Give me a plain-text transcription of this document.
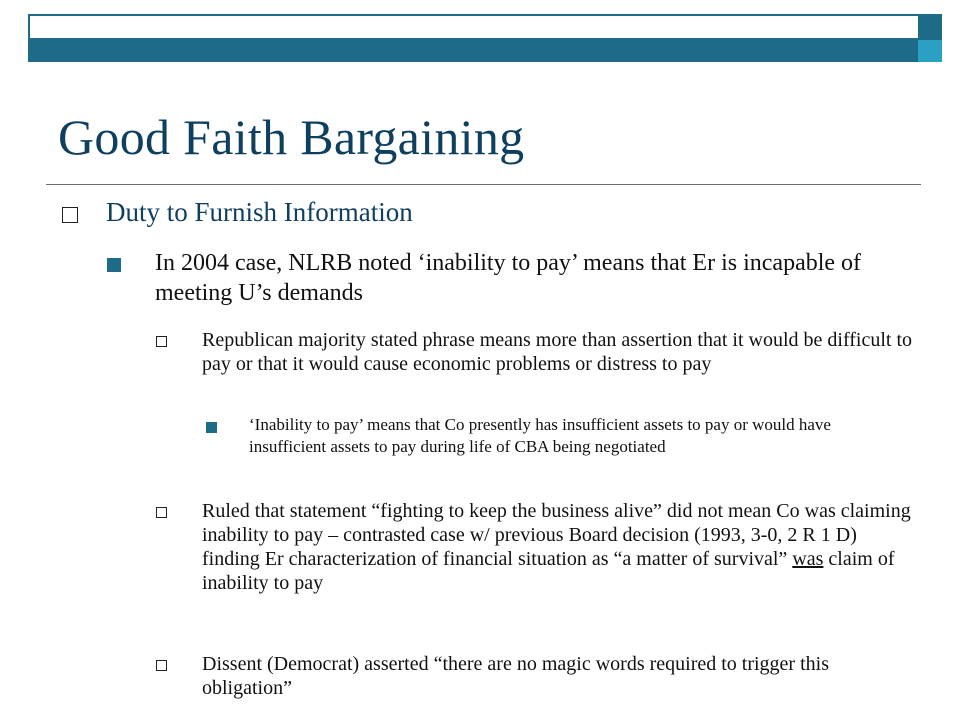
Good Faith Bargaining
Duty to Furnish Information
In 2004 case, NLRB noted ‘inability to pay’ means that Er is incapable of meeting U’s demands
Republican majority stated phrase means more than assertion that it would be difficult to pay or that it would cause economic problems or distress to pay
‘Inability to pay’ means that Co presently has insufficient assets to pay or would have insufficient assets to pay during life of CBA being negotiated
Ruled that statement “fighting to keep the business alive” did not mean Co was claiming inability to pay – contrasted case w/ previous Board decision (1993, 3-0, 2 R 1 D) finding Er characterization of financial situation as “a matter of survival” was claim of inability to pay
Dissent (Democrat) asserted “there are no magic words required to trigger this obligation”
